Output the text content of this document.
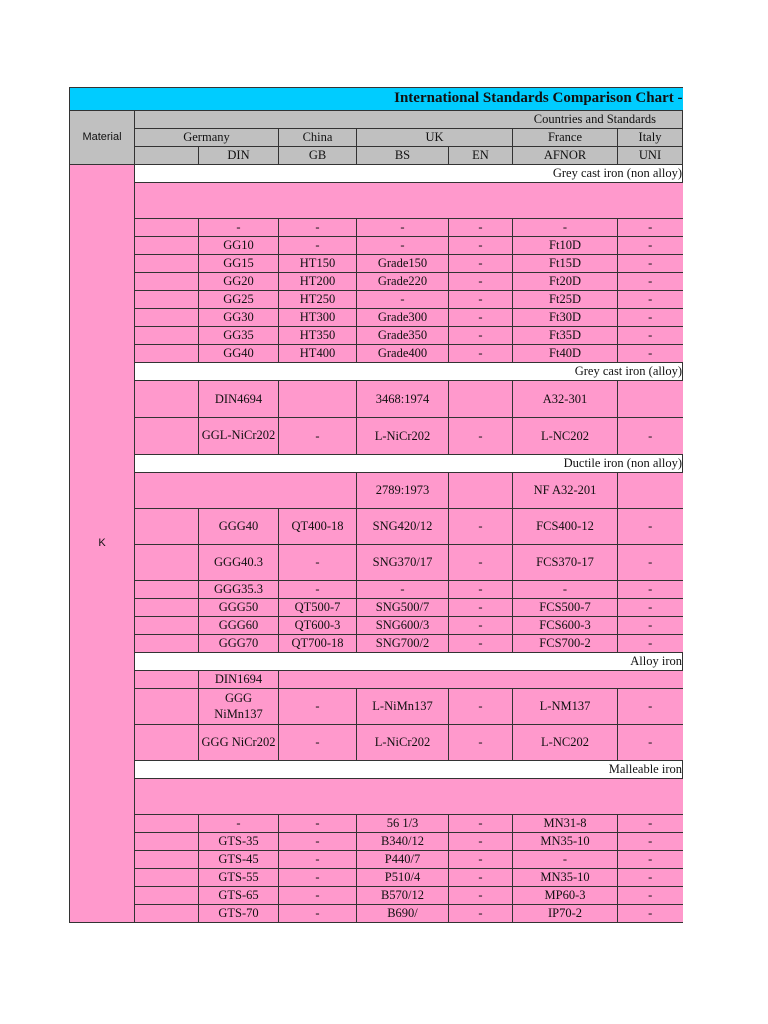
International Standards Comparison Chart -							
Material	Countries and Standards						
	Germany		China	UK		France	Italy
		DIN	GB	BS	EN	AFNOR	UNI
K	Grey cast iron (non alloy)						

		-	-	-	-	-	-
		GG10	-	-	-	Ft10D	-
		GG15	HT150	Grade150	-	Ft15D	-
		GG20	HT200	Grade220	-	Ft20D	-
		GG25	HT250	-	-	Ft25D	-
		GG30	HT300	Grade300	-	Ft30D	-
		GG35	HT350	Grade350	-	Ft35D	-
		GG40	HT400	Grade400	-	Ft40D	-
	Grey cast iron (alloy)						
		DIN4694		3468:1974		A32-301	
		GGL-NiCr202	-	L-NiCr202	-	L-NC202	-
	Ductile iron (non alloy)						
				2789:1973		NF A32-201	
		GGG40	QT400-18	SNG420/12	-	FCS400-12	-
		GGG40.3	-	SNG370/17	-	FCS370-17	-
		GGG35.3	-	-	-	-	-
		GGG50	QT500-7	SNG500/7	-	FCS500-7	-
		GGG60	QT600-3	SNG600/3	-	FCS600-3	-
		GGG70	QT700-18	SNG700/2	-	FCS700-2	-
	Alloy iron						
		DIN1694					
		GGG NiMn137	-	L-NiMn137	-	L-NM137	-
		GGG NiCr202	-	L-NiCr202	-	L-NC202	-
	Malleable iron						

		-	-	56 1/3	-	MN31-8	-
		GTS-35	-	B340/12	-	MN35-10	-
		GTS-45	-	P440/7	-	-	-
		GTS-55	-	P510/4	-	MN35-10	-
		GTS-65	-	B570/12	-	MP60-3	-
		GTS-70	-	B690/	-	IP70-2	-
